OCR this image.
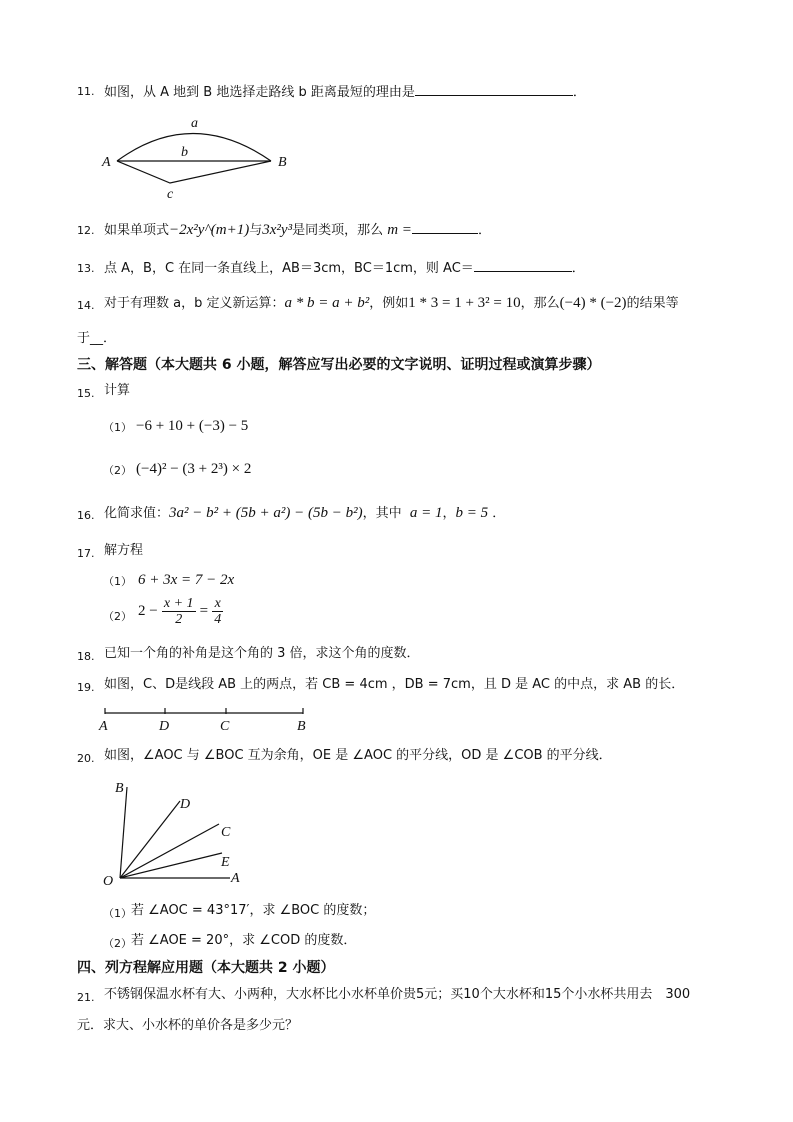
11. 如图，从 A 地到 B 地选择走路线 b 距离最短的理由是	．
a
b
c
A	B
12. 如果单项式−2x²y^(m+1)与3x²y³是同类项，那么 m =	．
13. 点 A，B，C 在同一条直线上，AB＝3cm，BC＝1cm，则 AC＝	．
14. 对于有理数 a，b 定义新运算：a * b = a + b²，例如1 * 3 = 1 + 3² = 10，那么(−4) * (−2)的结果等
于__．
三、解答题（本大题共 6 小题，解答应写出必要的文字说明、证明过程或演算步骤）
15. 计算
（1） −6 + 10 + (−3) − 5
（2） (−4)² − (3 + 2³) × 2
16. 化简求值：3a² − b² + (5b + a²) − (5b − b²)，其中 a = 1，b = 5 ．
17. 解方程
（1） 6 + 3x = 7 − 2x
（2） $2 - \frac{x + 1}{2} = \frac{x}{4}$
18. 已知一个角的补角是这个角的 3 倍，求这个角的度数．
19. 如图，C、D是线段 AB 上的两点，若 CB = 4cm ，DB = 7cm，且 D 是 AC 的中点，求 AB 的长．
A	D	C	B
20. 如图，∠AOC 与 ∠BOC 互为余角，OE 是 ∠AOC 的平分线，OD 是 ∠COB 的平分线．
B
D
C
E
O	A
（1） 若 ∠AOC = 43°17′，求 ∠BOC 的度数；
（2） 若 ∠AOE = 20°，求 ∠COD 的度数．
四、列方程解应用题（本大题共 2 小题）
21. 不锈钢保温水杯有大、小两种，大水杯比小水杯单价贵5元；买10个大水杯和15个小水杯共用去　300
元．求大、小水杯的单价各是多少元？
